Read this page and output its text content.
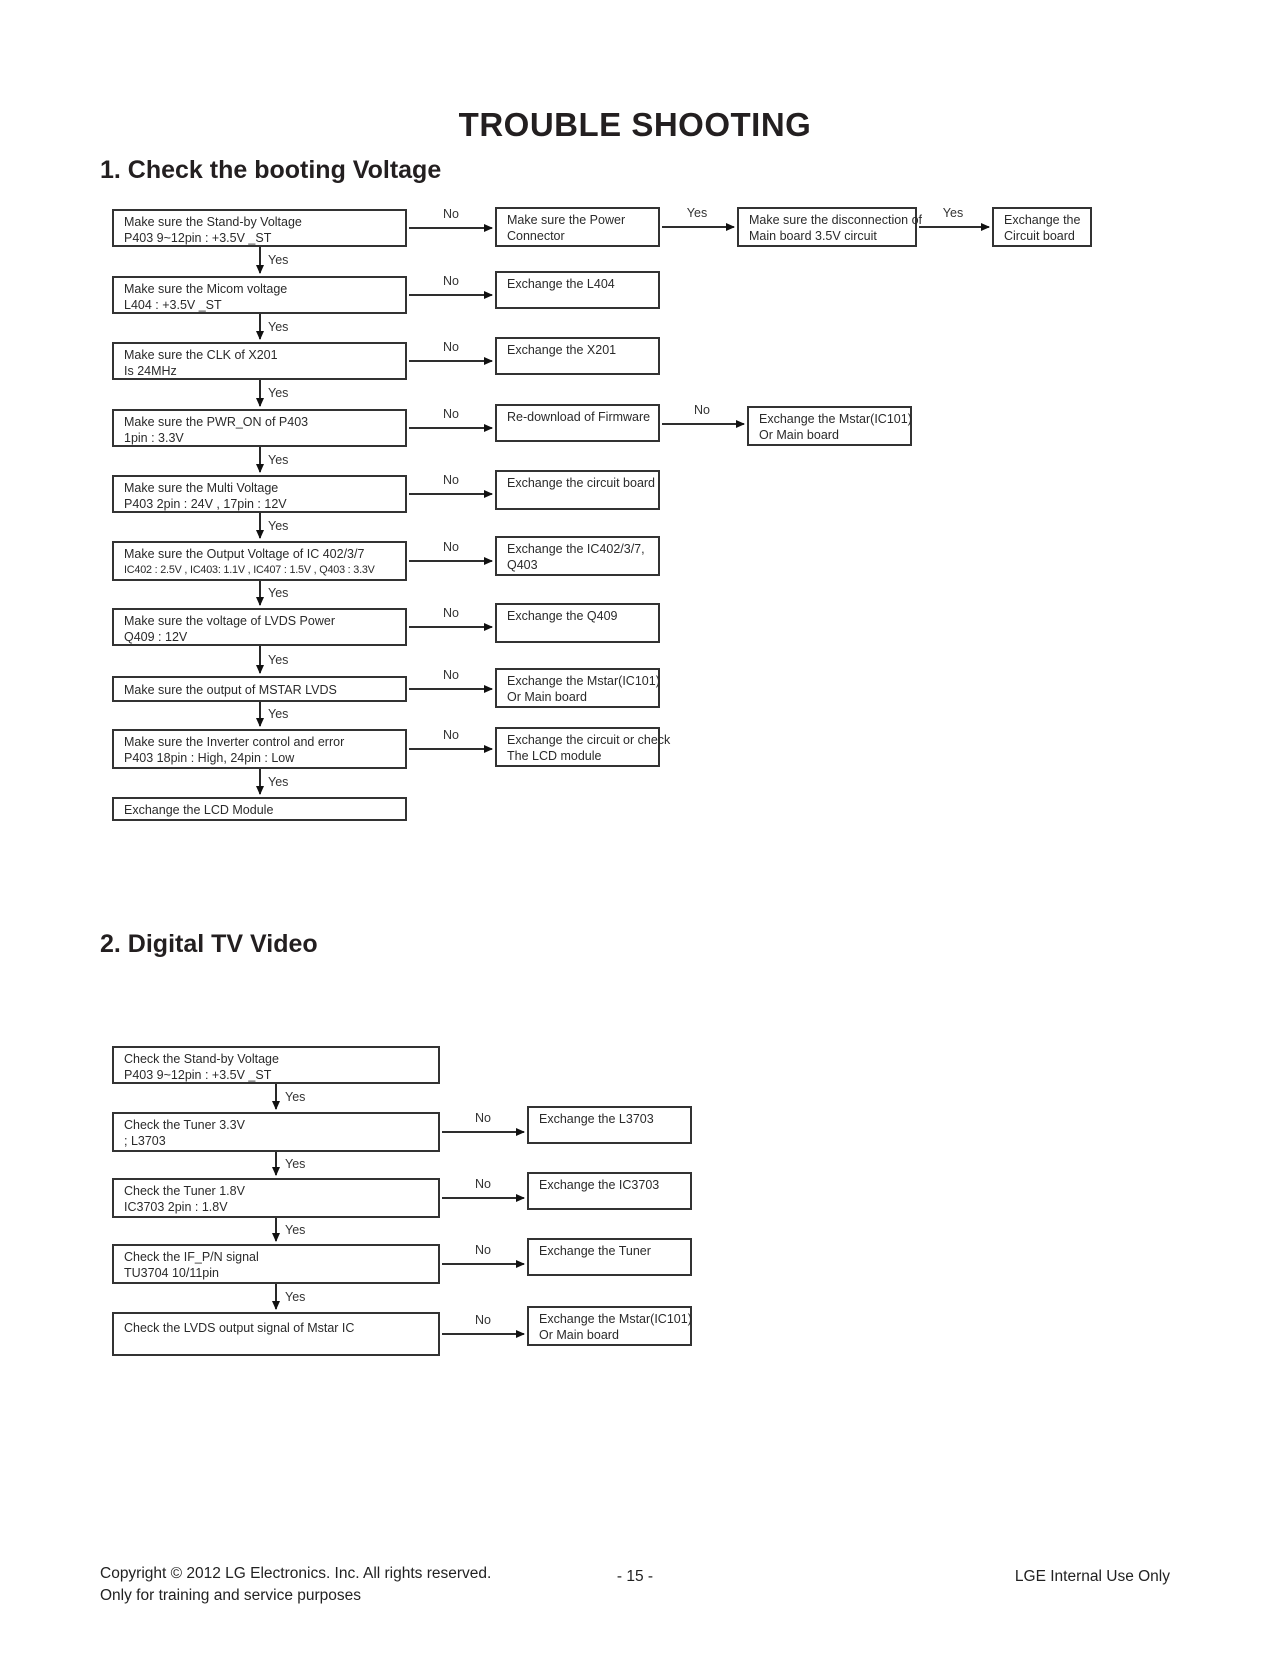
TROUBLE SHOOTING
1. Check the booting Voltage
2. Digital TV Video
Make sure the Stand-by Voltage
P403 9~12pin : +3.5V _ST
Make sure the Power
Connector
Make sure the disconnection of
Main board 3.5V circuit
Exchange the
Circuit board
Make sure the Micom voltage
L404 : +3.5V _ST
Exchange the L404
Make sure the CLK of X201
Is 24MHz
Exchange the X201
Make sure the PWR_ON of P403
1pin : 3.3V
Re-download of Firmware	Exchange the Mstar(IC101)
Or Main board
Make sure the Multi Voltage
P403 2pin : 24V , 17pin : 12V
Exchange the circuit board
Make sure the Output Voltage of IC 402/3/7
IC402 : 2.5V , IC403: 1.1V , IC407 : 1.5V , Q403 : 3.3V
Exchange the IC402/3/7,
Q403
Make sure the voltage of LVDS Power
Q409 : 12V
Exchange the Q409
Make sure the output of MSTAR LVDS
Exchange the Mstar(IC101)
Or Main board
Make sure the Inverter control and error
P403 18pin : High, 24pin : Low
Exchange the circuit or check
The LCD module
Exchange the LCD Module
No	Yes	Yes
No
No
No	No
No
No
No
No
No
Yes
Yes
Yes
Yes
Yes
Yes
Yes
Yes
Yes
Check the Stand-by Voltage
P403 9~12pin : +3.5V _ST
Check the Tuner 3.3V
; L3703
Exchange the L3703
Check the Tuner 1.8V
IC3703 2pin : 1.8V
Exchange the IC3703
Check the IF_P/N signal
TU3704 10/11pin
Exchange the Tuner
Check the LVDS output signal of Mstar IC
Exchange the Mstar(IC101)
Or Main board
No
No
No
No
Yes
Yes
Yes
Yes
Copyright © 2012 LG Electronics. Inc. All rights reserved.
Only for training and service purposes
- 15 -	LGE Internal Use Only
